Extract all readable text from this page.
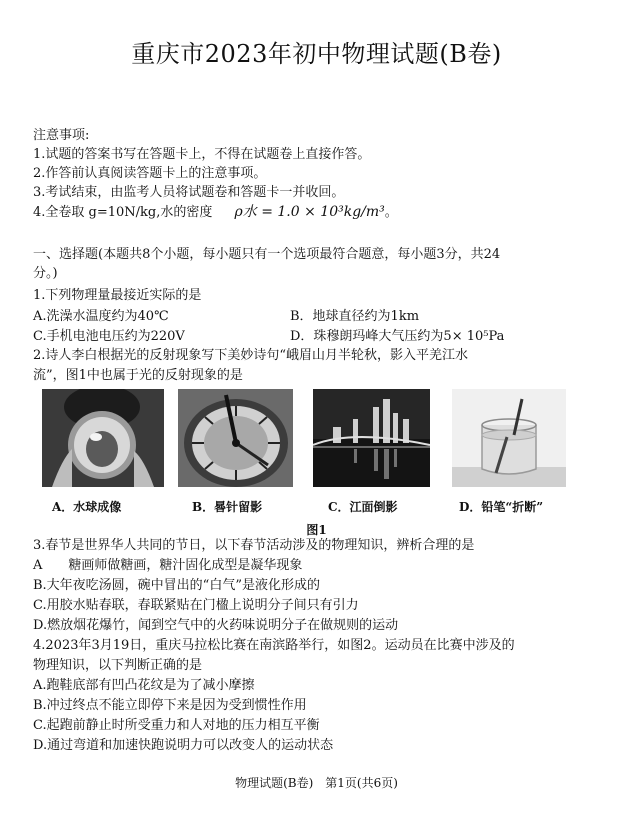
重庆市2023年初中物理试题(B卷)
注意事项:
1.试题的答案书写在答题卡上，不得在试题卷上直接作答。
2.作答前认真阅读答题卡上的注意事项。
3.考试结束，由监考人员将试题卷和答题卡一并收回。
4.全卷取 g=10N/kg,水的密度 ρ水 = 1.0 × 10³kg/m³。
一、选择题(本题共8个小题，每小题只有一个选项最符合题意，每小题3分，共24
分。)
1.下列物理量最接近实际的是
A.洗澡水温度约为40℃	B．地球直径约为1km
C.手机电池电压约为220V	D．珠穆朗玛峰大气压约为5× 10⁵Pa
2.诗人李白根据光的反射现象写下美妙诗句“峨眉山月半轮秋，影入平羌江水
流”，图1中也属于光的反射现象的是
A．水球成像	B．晷针留影	C．江面倒影	D．铅笔“折断”
图1
3.春节是世界华人共同的节日，以下春节活动涉及的物理知识，辨析合理的是
A　　糖画师做糖画，糖汁固化成型是凝华现象
B.大年夜吃汤圆，碗中冒出的“白气”是液化形成的
C.用胶水贴春联，春联紧贴在门楹上说明分子间只有引力
D.燃放烟花爆竹，闻到空气中的火药味说明分子在做规则的运动
4.2023年3月19日，重庆马拉松比赛在南滨路举行，如图2。运动员在比赛中涉及的
物理知识，以下判断正确的是
A.跑鞋底部有凹凸花纹是为了减小摩擦
B.冲过终点不能立即停下来是因为受到惯性作用
C.起跑前静止时所受重力和人对地的压力相互平衡
D.通过弯道和加速快跑说明力可以改变人的运动状态
物理试题(B卷)　第1页(共6页)
